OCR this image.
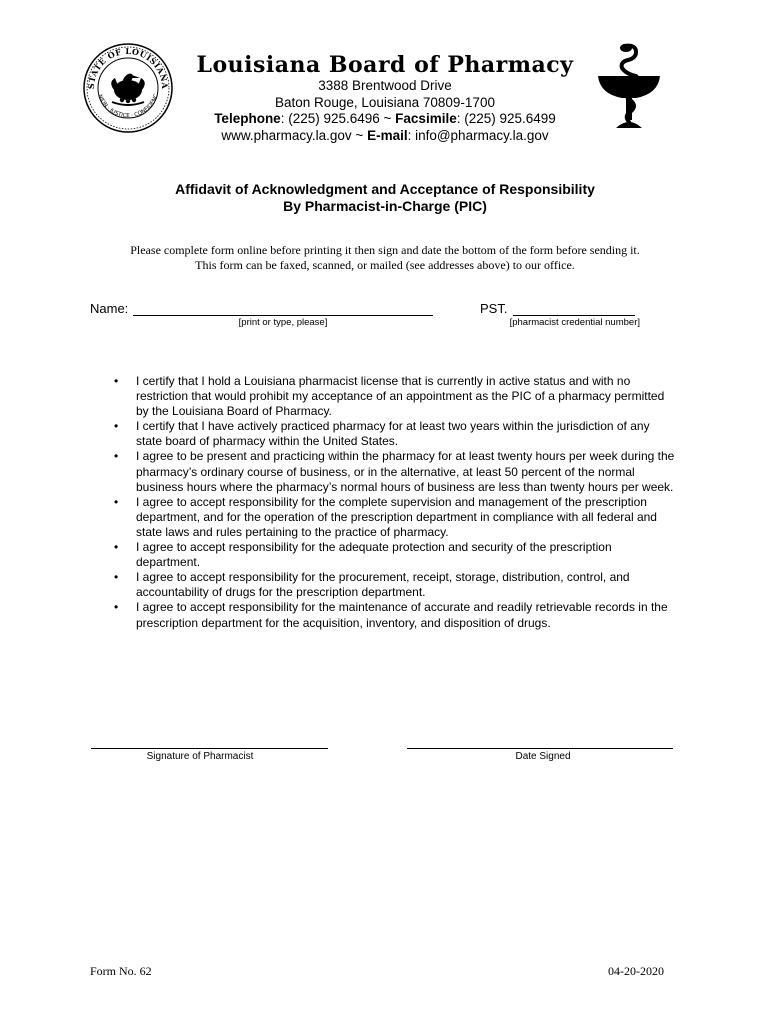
STATE OF LOUISIANA
NION · JUSTICE · CONFIDENC
Louisiana Board of Pharmacy
3388 Brentwood Drive
Baton Rouge, Louisiana 70809-1700
Telephone: (225) 925.6496 ~ Facsimile: (225) 925.6499
www.pharmacy.la.gov ~ E-mail: info@pharmacy.la.gov
Affidavit of Acknowledgment and Acceptance of Responsibility
By Pharmacist-in-Charge (PIC)
Please complete form online before printing it then sign and date the bottom of the form before sending it.
This form can be faxed, scanned, or mailed (see addresses above) to our office.
Name:
[print or type, please]
PST.
[pharmacist credential number]
• I certify that I hold a Louisiana pharmacist license that is currently in active status and with no restriction that would prohibit my acceptance of an appointment as the PIC of a pharmacy permitted by the Louisiana Board of Pharmacy.
• I certify that I have actively practiced pharmacy for at least two years within the jurisdiction of any state board of pharmacy within the United States.
• I agree to be present and practicing within the pharmacy for at least twenty hours per week during the pharmacy’s ordinary course of business, or in the alternative, at least 50 percent of the normal business hours where the pharmacy’s normal hours of business are less than twenty hours per week.
• I agree to accept responsibility for the complete supervision and management of the prescription department, and for the operation of the prescription department in compliance with all federal and state laws and rules pertaining to the practice of pharmacy.
• I agree to accept responsibility for the adequate protection and security of the prescription department.
• I agree to accept responsibility for the procurement, receipt, storage, distribution, control, and accountability of drugs for the prescription department.
• I agree to accept responsibility for the maintenance of accurate and readily retrievable records in the prescription department for the acquisition, inventory, and disposition of drugs.
Signature of Pharmacist	Date Signed
Form No. 62	04-20-2020
